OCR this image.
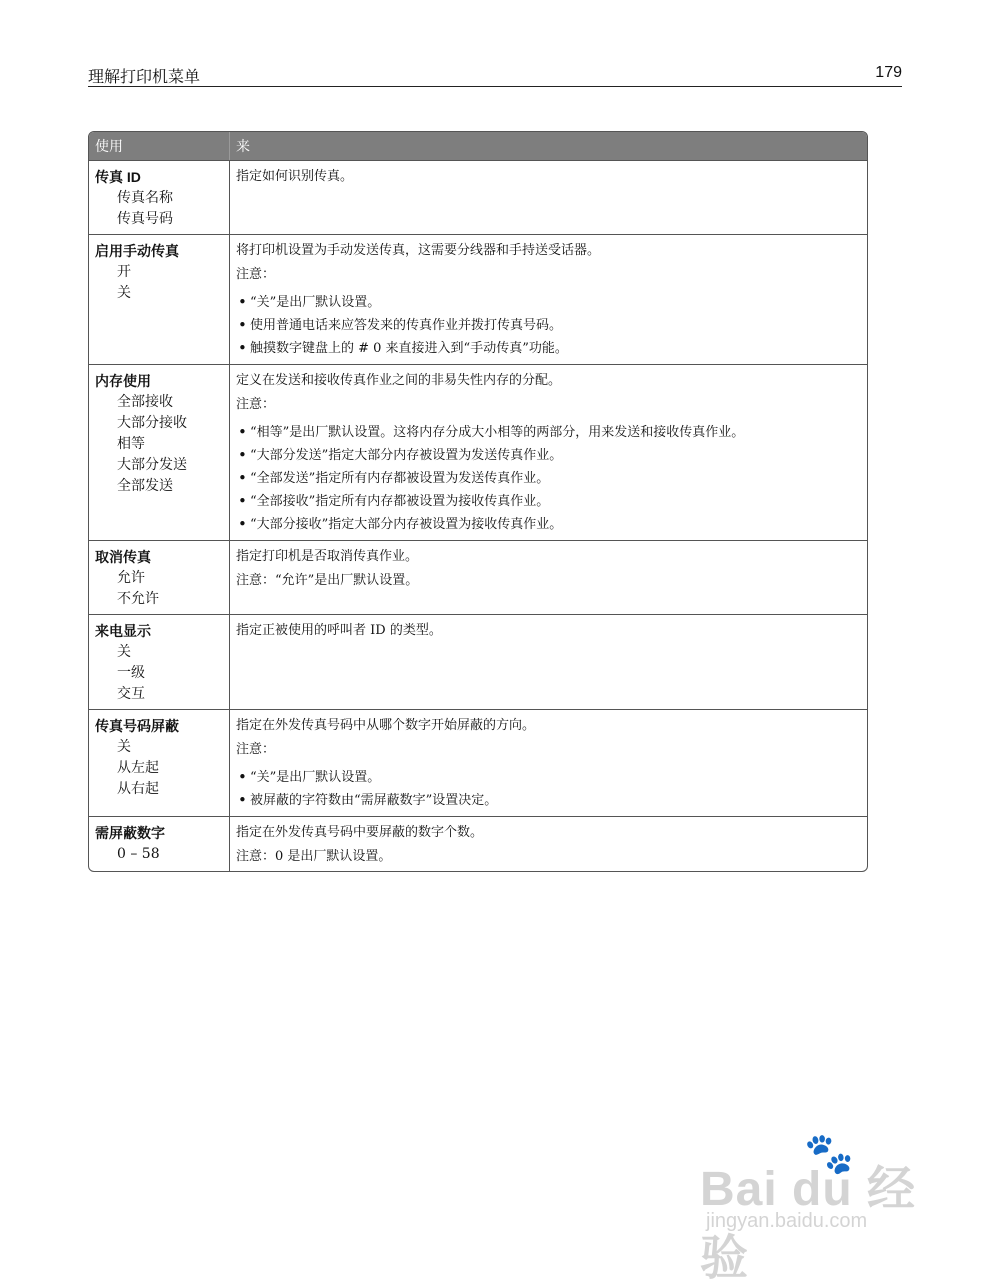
理解打印机菜单	179
使用	来
传真 ID
传真名称
传真号码
指定如何识别传真。
启用手动传真
开
关
将打印机设置为手动发送传真，这需要分线器和手持送受话器。
注意：
• “关”是出厂默认设置。
• 使用普通电话来应答发来的传真作业并拨打传真号码。
• 触摸数字键盘上的 # 0 来直接进入到“手动传真”功能。
内存使用
全部接收
大部分接收
相等
大部分发送
全部发送
定义在发送和接收传真作业之间的非易失性内存的分配。
注意：
• “相等”是出厂默认设置。这将内存分成大小相等的两部分，用来发送和接收传真作业。
• “大部分发送”指定大部分内存被设置为发送传真作业。
• “全部发送”指定所有内存都被设置为发送传真作业。
• “全部接收”指定所有内存都被设置为接收传真作业。
• “大部分接收”指定大部分内存被设置为接收传真作业。
取消传真
允许
不允许
指定打印机是否取消传真作业。
注意：“允许”是出厂默认设置。
来电显示
关
一级
交互
指定正被使用的呼叫者 ID 的类型。
传真号码屏蔽
关
从左起
从右起
指定在外发传真号码中从哪个数字开始屏蔽的方向。
注意：
• “关”是出厂默认设置。
• 被屏蔽的字符数由“需屏蔽数字”设置决定。
需屏蔽数字
0 – 58
指定在外发传真号码中要屏蔽的数字个数。
注意：0 是出厂默认设置。
🐾
Bai du 经验
jingyan.baidu.com
